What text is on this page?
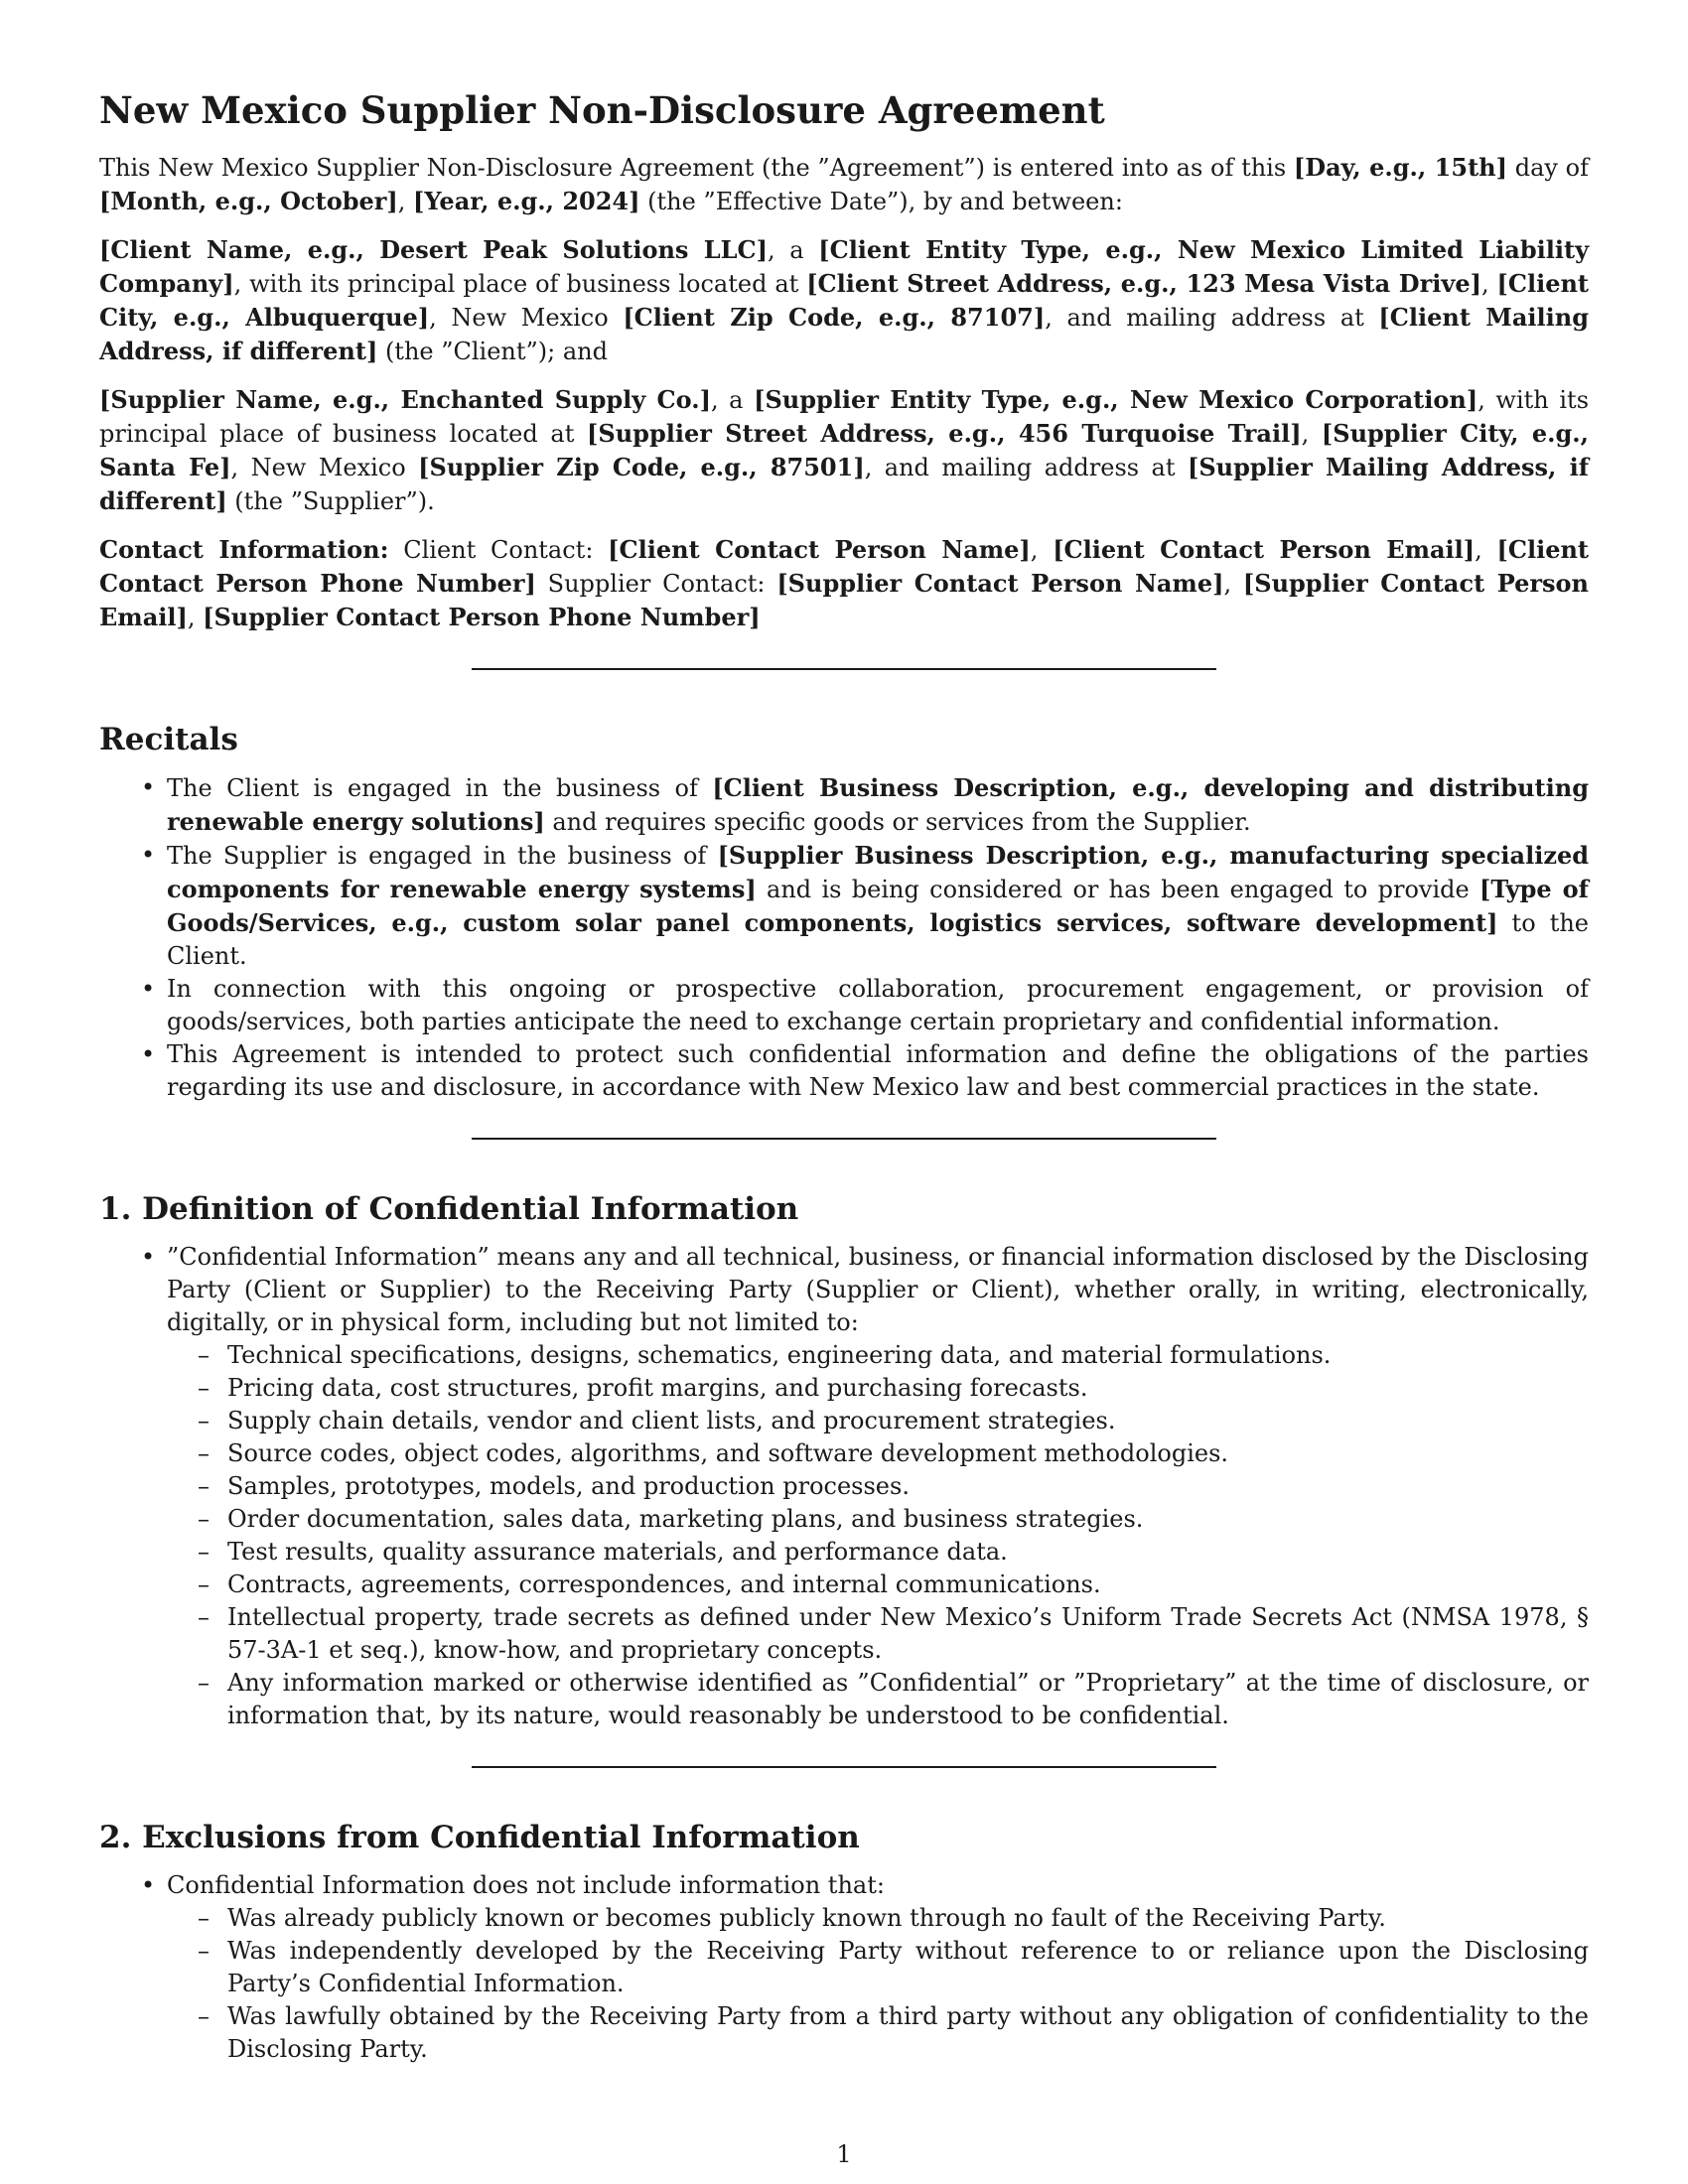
New Mexico Supplier Non-Disclosure Agreement

This New Mexico Supplier Non-Disclosure Agreement (the ”Agreement”) is entered into as of this [Day, e.g., 15th] day of [Month, e.g., October], [Year, e.g., 2024] (the ”Effective Date”), by and between:

[Client Name, e.g., Desert Peak Solutions LLC], a [Client Entity Type, e.g., New Mexico Limited Liability Company], with its principal place of business located at [Client Street Address, e.g., 123 Mesa Vista Drive], [Client City, e.g., Albuquerque], New Mexico [Client Zip Code, e.g., 87107], and mailing address at [Client Mailing Address, if different] (the ”Client”); and

[Supplier Name, e.g., Enchanted Supply Co.], a [Supplier Entity Type, e.g., New Mexico Corporation], with its principal place of business located at [Supplier Street Address, e.g., 456 Turquoise Trail], [Supplier City, e.g., Santa Fe], New Mexico [Supplier Zip Code, e.g., 87501], and mailing address at [Supplier Mailing Address, if different] (the ”Supplier”).

Contact Information: Client Contact: [Client Contact Person Name], [Client Contact Person Email], [Client Contact Person Phone Number] Supplier Contact: [Supplier Contact Person Name], [Supplier Contact Person Email], [Supplier Contact Person Phone Number]

Recitals
• The Client is engaged in the business of [Client Business Description, e.g., developing and distributing renewable energy solutions] and requires specific goods or services from the Supplier.
• The Supplier is engaged in the business of [Supplier Business Description, e.g., manufacturing specialized components for renewable energy systems] and is being considered or has been engaged to provide [Type of Goods/Services, e.g., custom solar panel components, logistics services, software development] to the Client.
• In connection with this ongoing or prospective collaboration, procurement engagement, or provision of goods/services, both parties anticipate the need to exchange certain proprietary and confidential information.
• This Agreement is intended to protect such confidential information and define the obligations of the parties regarding its use and disclosure, in accordance with New Mexico law and best commercial practices in the state.
1. Definition of Confidential Information
• ”Confidential Information” means any and all technical, business, or financial information disclosed by the Disclosing Party (Client or Supplier) to the Receiving Party (Supplier or Client), whether orally, in writing, electronically, digitally, or in physical form, including but not limited to:
– Technical specifications, designs, schematics, engineering data, and material formulations.
– Pricing data, cost structures, profit margins, and purchasing forecasts.
– Supply chain details, vendor and client lists, and procurement strategies.
– Source codes, object codes, algorithms, and software development methodologies.
– Samples, prototypes, models, and production processes.
– Order documentation, sales data, marketing plans, and business strategies.
– Test results, quality assurance materials, and performance data.
– Contracts, agreements, correspondences, and internal communications.
– Intellectual property, trade secrets as defined under New Mexico’s Uniform Trade Secrets Act (NMSA 1978, § 57-3A-1 et seq.), know-how, and proprietary concepts.
– Any information marked or otherwise identified as ”Confidential” or ”Proprietary” at the time of disclosure, or information that, by its nature, would reasonably be understood to be confidential.
2. Exclusions from Confidential Information
• Confidential Information does not include information that:
– Was already publicly known or becomes publicly known through no fault of the Receiving Party.
– Was independently developed by the Receiving Party without reference to or reliance upon the Disclosing Party’s Confidential Information.
– Was lawfully obtained by the Receiving Party from a third party without any obligation of confidentiality to the Disclosing Party.
1
